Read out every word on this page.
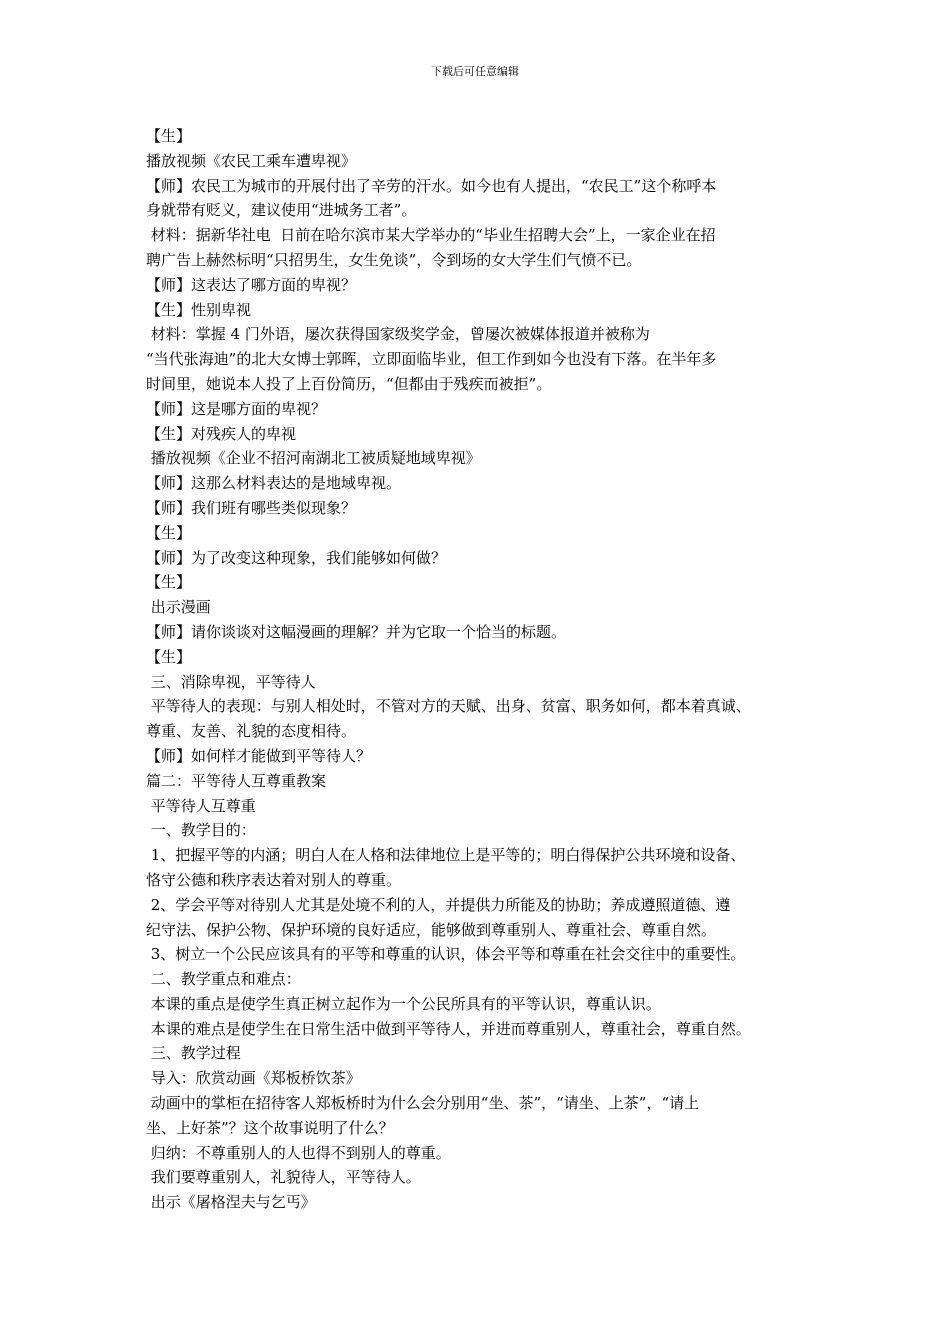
下载后可任意编辑
【生】
播放视频《农民工乘车遭卑视》
【师】农民工为城市的开展付出了辛劳的汗水。如今也有人提出，“农民工”这个称呼本
身就带有贬义，建议使用“进城务工者”。
材料：据新华社电  日前在哈尔滨市某大学举办的“毕业生招聘大会”上，一家企业在招
聘广告上赫然标明“只招男生，女生免谈”，令到场的女大学生们气愤不已。
【师】这表达了哪方面的卑视？
【生】性别卑视
材料：掌握 4 门外语，屡次获得国家级奖学金，曾屡次被媒体报道并被称为
“当代张海迪”的北大女博士郭晖，立即面临毕业，但工作到如今也没有下落。在半年多
时间里，她说本人投了上百份简历，“但都由于残疾而被拒”。
【师】这是哪方面的卑视？
【生】对残疾人的卑视
播放视频《企业不招河南湖北工被质疑地域卑视》
【师】这那么材料表达的是地域卑视。
【师】我们班有哪些类似现象？
【生】
【师】为了改变这种现象，我们能够如何做？
【生】
出示漫画
【师】请你谈谈对这幅漫画的理解？并为它取一个恰当的标题。
【生】
三、消除卑视，平等待人
平等待人的表现：与别人相处时，不管对方的天赋、出身、贫富、职务如何，都本着真诚、
尊重、友善、礼貌的态度相待。
【师】如何样才能做到平等待人？
篇二：平等待人互尊重教案
平等待人互尊重
一、教学目的：
1、把握平等的内涵；明白人在人格和法律地位上是平等的；明白得保护公共环境和设备、
恪守公德和秩序表达着对别人的尊重。
2、学会平等对待别人尤其是处境不利的人，并提供力所能及的协助；养成遵照道德、遵
纪守法、保护公物、保护环境的良好适应，能够做到尊重别人、尊重社会、尊重自然。
3、树立一个公民应该具有的平等和尊重的认识，体会平等和尊重在社会交往中的重要性。
二、教学重点和难点：
本课的重点是使学生真正树立起作为一个公民所具有的平等认识，尊重认识。
本课的难点是使学生在日常生活中做到平等待人，并进而尊重别人，尊重社会，尊重自然。
三、教学过程
导入：欣赏动画《郑板桥饮茶》
动画中的掌柜在招待客人郑板桥时为什么会分别用“坐、茶”，“请坐、上茶”，“请上
坐、上好茶”？这个故事说明了什么？
归纳：不尊重别人的人也得不到别人的尊重。
我们要尊重别人，礼貌待人，平等待人。
出示《屠格涅夫与乞丐》
